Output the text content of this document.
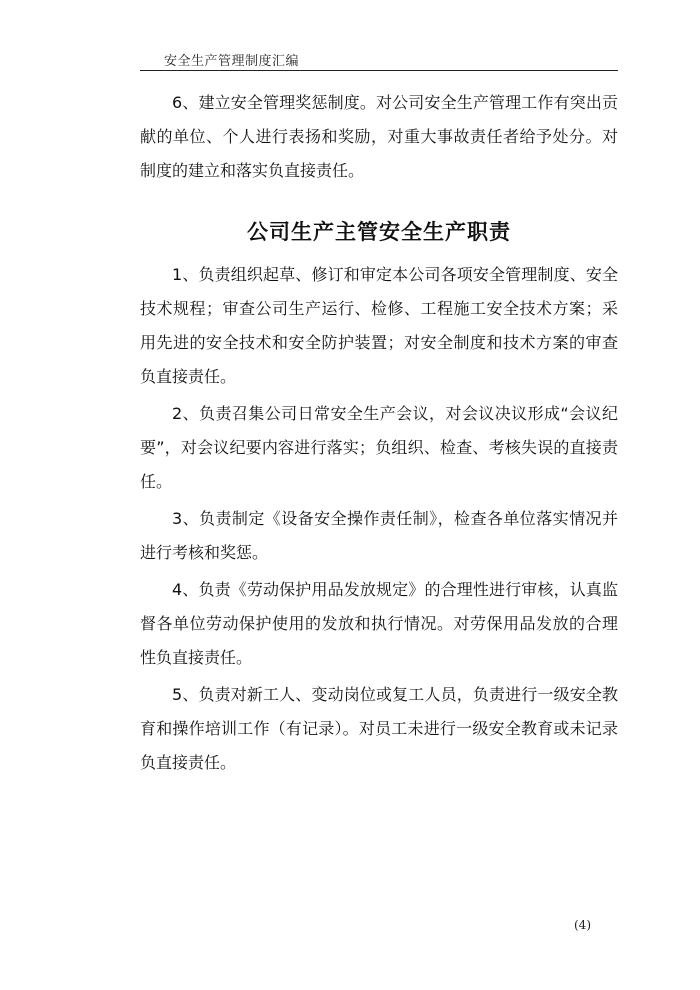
安全生产管理制度汇编

6、建立安全管理奖惩制度。对公司安全生产管理工作有突出贡献的单位、个人进行表扬和奖励，对重大事故责任者给予处分。对制度的建立和落实负直接责任。

公司生产主管安全生产职责

1、负责组织起草、修订和审定本公司各项安全管理制度、安全技术规程；审查公司生产运行、检修、工程施工安全技术方案；采用先进的安全技术和安全防护装置；对安全制度和技术方案的审查负直接责任。

2、负责召集公司日常安全生产会议，对会议决议形成“会议纪要”，对会议纪要内容进行落实；负组织、检查、考核失误的直接责任。

3、负责制定《设备安全操作责任制》，检查各单位落实情况并进行考核和奖惩。

4、负责《劳动保护用品发放规定》的合理性进行审核，认真监督各单位劳动保护使用的发放和执行情况。对劳保用品发放的合理性负直接责任。

5、负责对新工人、变动岗位或复工人员，负责进行一级安全教育和操作培训工作（有记录）。对员工未进行一级安全教育或未记录负直接责任。

(4)
